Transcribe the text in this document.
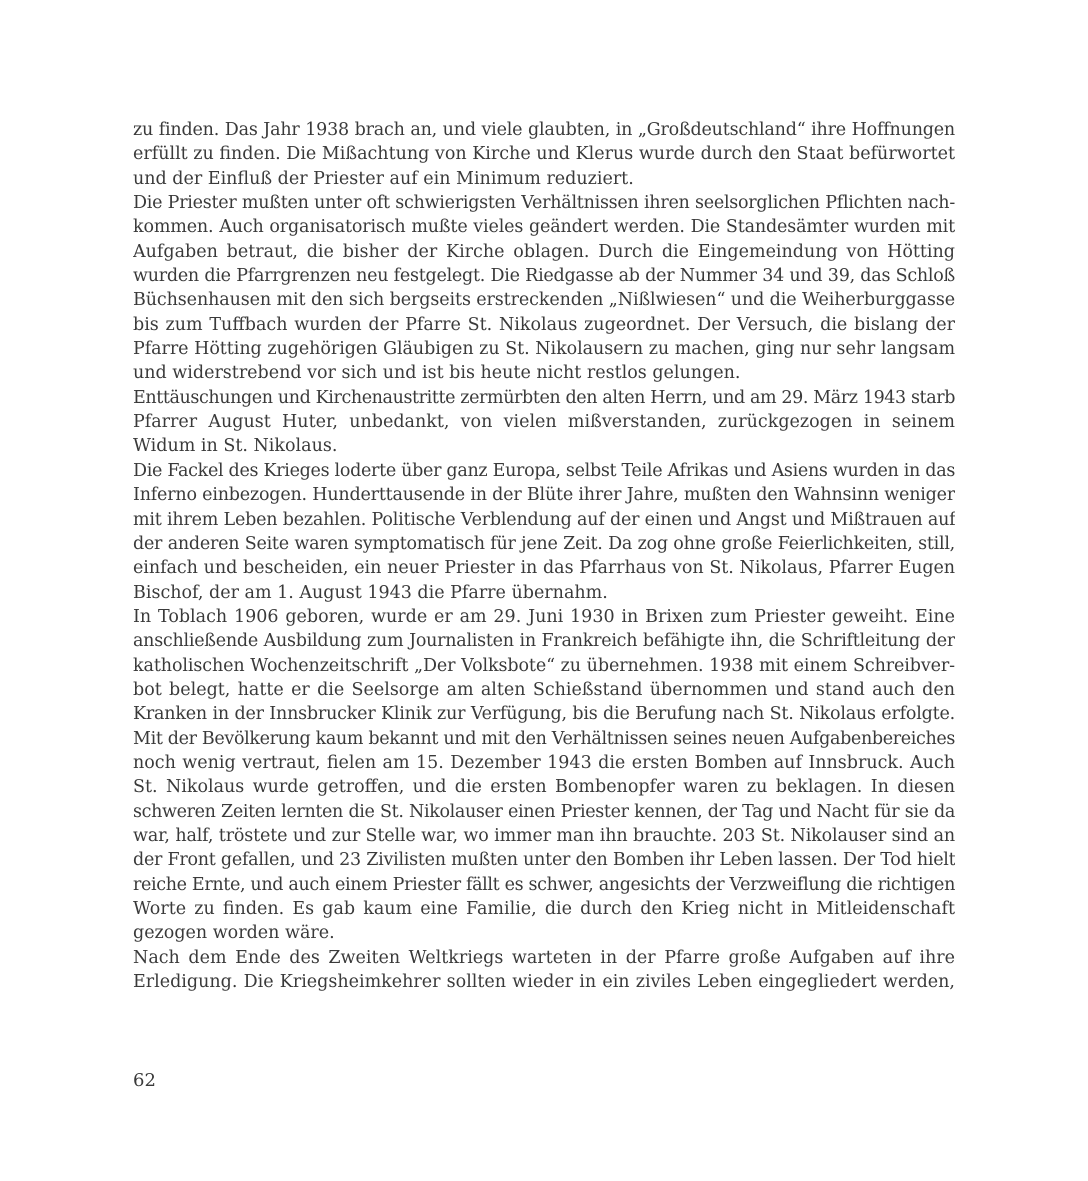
zu finden. Das Jahr 1938 brach an, und viele glaubten, in „Großdeutschland“ ihre Hoffnungen
erfüllt zu finden. Die Mißachtung von Kirche und Klerus wurde durch den Staat befürwortet
und der Einfluß der Priester auf ein Minimum reduziert.

Die Priester mußten unter oft schwierigsten Verhältnissen ihren seelsorglichen Pflichten nach-
kommen. Auch organisatorisch mußte vieles geändert werden. Die Standesämter wurden mit
Aufgaben betraut, die bisher der Kirche oblagen. Durch die Eingemeindung von Hötting
wurden die Pfarrgrenzen neu festgelegt. Die Riedgasse ab der Nummer 34 und 39, das Schloß
Büchsenhausen mit den sich bergseits erstreckenden „Nißlwiesen“ und die Weiherburggasse
bis zum Tuffbach wurden der Pfarre St. Nikolaus zugeordnet. Der Versuch, die bislang der
Pfarre Hötting zugehörigen Gläubigen zu St. Nikolausern zu machen, ging nur sehr langsam
und widerstrebend vor sich und ist bis heute nicht restlos gelungen.

Enttäuschungen und Kirchenaustritte zermürbten den alten Herrn, und am 29. März 1943 starb
Pfarrer August Huter, unbedankt, von vielen mißverstanden, zurückgezogen in seinem
Widum in St. Nikolaus.

Die Fackel des Krieges loderte über ganz Europa, selbst Teile Afrikas und Asiens wurden in das
Inferno einbezogen. Hunderttausende in der Blüte ihrer Jahre, mußten den Wahnsinn weniger
mit ihrem Leben bezahlen. Politische Verblendung auf der einen und Angst und Mißtrauen auf
der anderen Seite waren symptomatisch für jene Zeit. Da zog ohne große Feierlichkeiten, still,
einfach und bescheiden, ein neuer Priester in das Pfarrhaus von St. Nikolaus, Pfarrer Eugen
Bischof, der am 1. August 1943 die Pfarre übernahm.

In Toblach 1906 geboren, wurde er am 29. Juni 1930 in Brixen zum Priester geweiht. Eine
anschließende Ausbildung zum Journalisten in Frankreich befähigte ihn, die Schriftleitung der
katholischen Wochenzeitschrift „Der Volksbote“ zu übernehmen. 1938 mit einem Schreibver-
bot belegt, hatte er die Seelsorge am alten Schießstand übernommen und stand auch den
Kranken in der Innsbrucker Klinik zur Verfügung, bis die Berufung nach St. Nikolaus erfolgte.
Mit der Bevölkerung kaum bekannt und mit den Verhältnissen seines neuen Aufgabenbereiches
noch wenig vertraut, fielen am 15. Dezember 1943 die ersten Bomben auf Innsbruck. Auch
St. Nikolaus wurde getroffen, und die ersten Bombenopfer waren zu beklagen. In diesen
schweren Zeiten lernten die St. Nikolauser einen Priester kennen, der Tag und Nacht für sie da
war, half, tröstete und zur Stelle war, wo immer man ihn brauchte. 203 St. Nikolauser sind an
der Front gefallen, und 23 Zivilisten mußten unter den Bomben ihr Leben lassen. Der Tod hielt
reiche Ernte, und auch einem Priester fällt es schwer, angesichts der Verzweiflung die richtigen
Worte zu finden. Es gab kaum eine Familie, die durch den Krieg nicht in Mitleidenschaft
gezogen worden wäre.

Nach dem Ende des Zweiten Weltkriegs warteten in der Pfarre große Aufgaben auf ihre
Erledigung. Die Kriegsheimkehrer sollten wieder in ein ziviles Leben eingegliedert werden,

62
